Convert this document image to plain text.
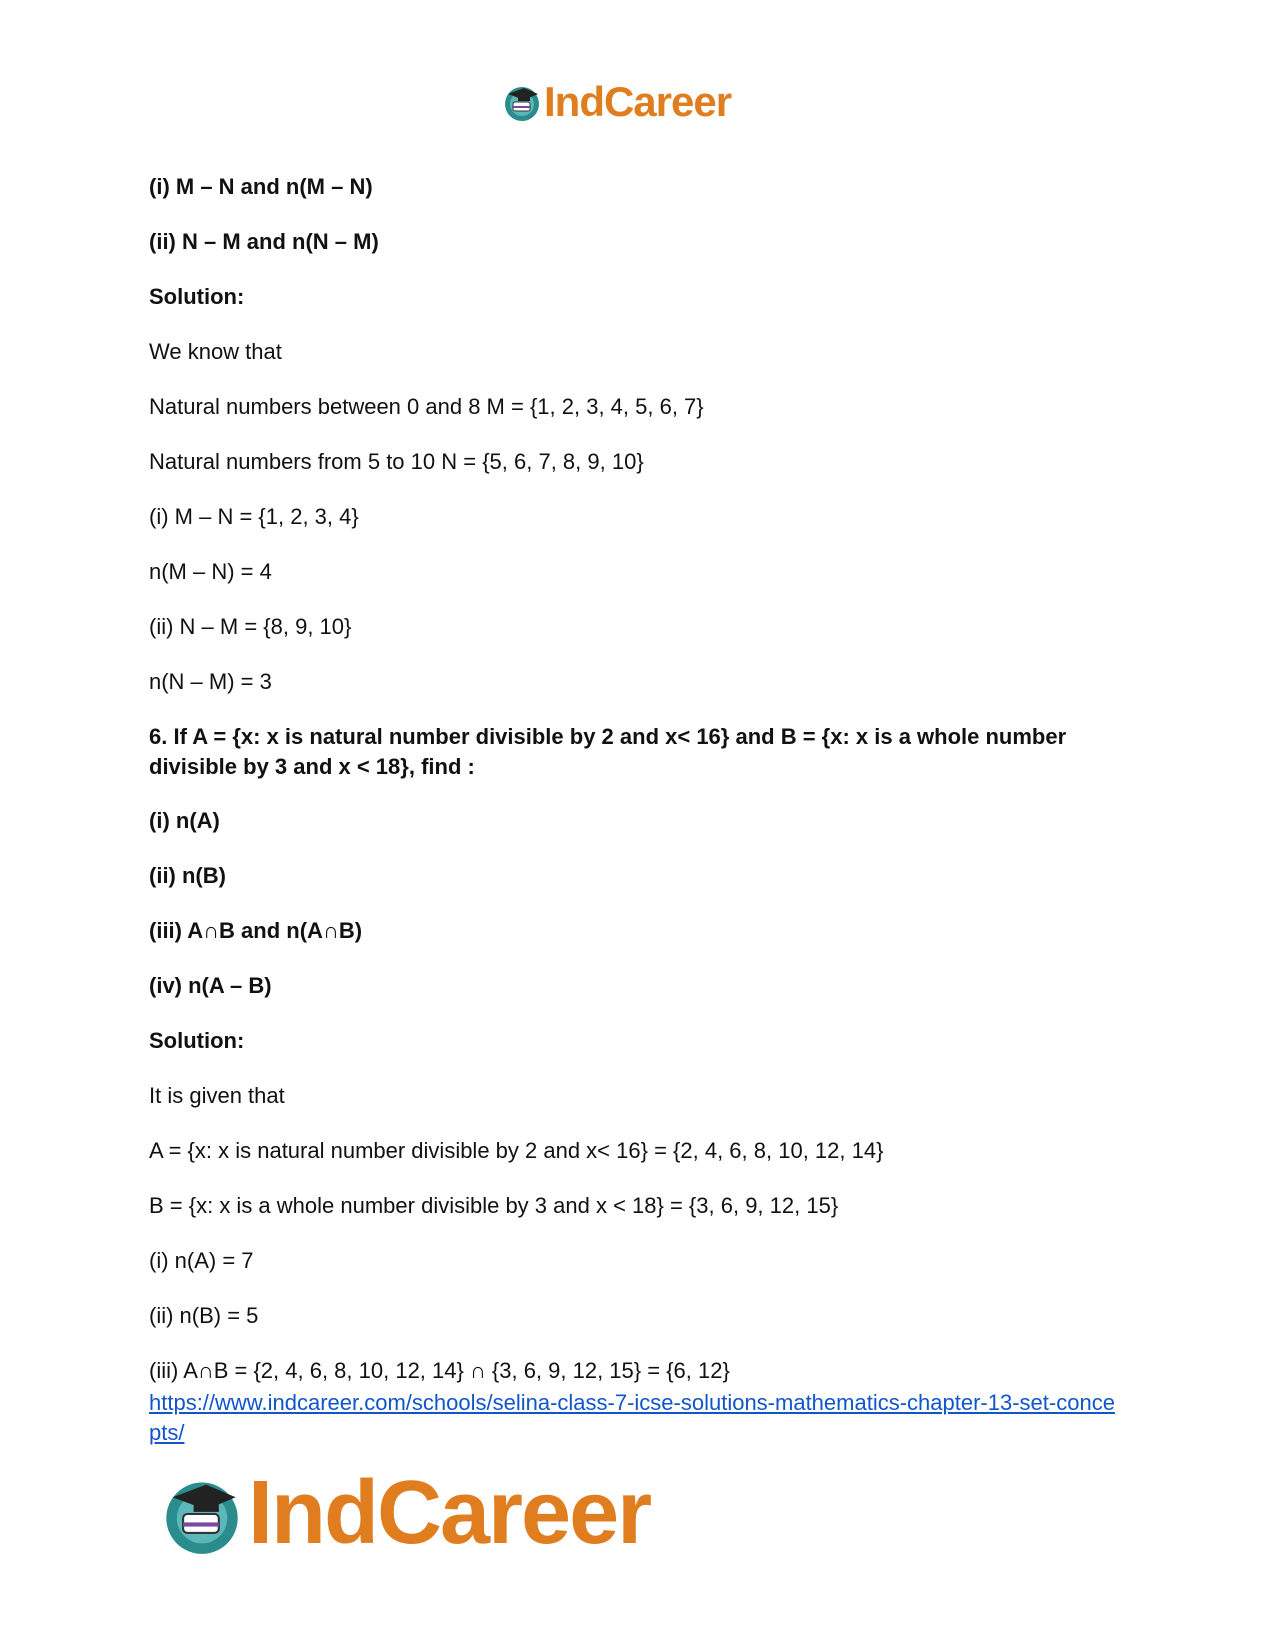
IndCareer

(i) M – N and n(M – N)

(ii) N – M and n(N – M)

Solution:

We know that

Natural numbers between 0 and 8 M = {1, 2, 3, 4, 5, 6, 7}

Natural numbers from 5 to 10 N = {5, 6, 7, 8, 9, 10}

(i) M – N = {1, 2, 3, 4}

n(M – N) = 4

(ii) N – M = {8, 9, 10}

n(N – M) = 3

6. If A = {x: x is natural number divisible by 2 and x< 16} and B = {x: x is a whole number divisible by 3 and x < 18}, find :

(i) n(A)

(ii) n(B)

(iii) A∩B and n(A∩B)

(iv) n(A – B)

Solution:

It is given that

A = {x: x is natural number divisible by 2 and x< 16} = {2, 4, 6, 8, 10, 12, 14}

B = {x: x is a whole number divisible by 3 and x < 18} = {3, 6, 9, 12, 15}

(i) n(A) = 7

(ii) n(B) = 5

(iii) A∩B = {2, 4, 6, 8, 10, 12, 14} ∩ {3, 6, 9, 12, 15} = {6, 12}

https://www.indcareer.com/schools/selina-class-7-icse-solutions-mathematics-chapter-13-set-concepts/
IndCareer
